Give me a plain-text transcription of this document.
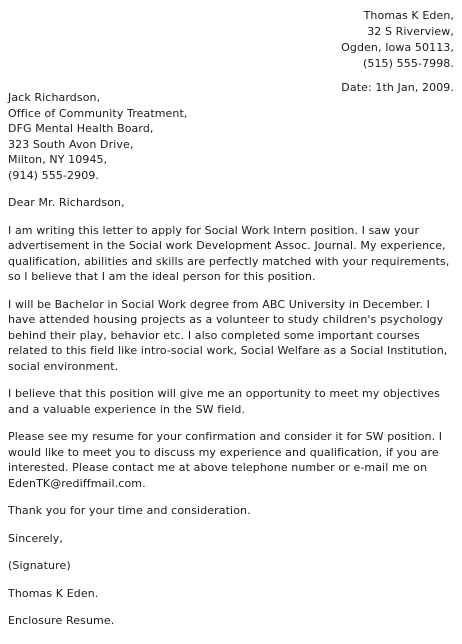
Thomas K Eden,
32 S Riverview,
Ogden, Iowa 50113,
(515) 555-7998.
Date: 1th Jan, 2009.
Jack Richardson,
Office of Community Treatment,
DFG Mental Health Board,
323 South Avon Drive,
Milton, NY 10945,
(914) 555-2909.
Dear Mr. Richardson,
I am writing this letter to apply for Social Work Intern position. I saw your
advertisement in the Social work Development Assoc. Journal. My experience,
qualification, abilities and skills are perfectly matched with your requirements,
so I believe that I am the ideal person for this position.
I will be Bachelor in Social Work degree from ABC University in December. I
have attended housing projects as a volunteer to study children's psychology
behind their play, behavior etc. I also completed some important courses
related to this field like intro-social work, Social Welfare as a Social Institution,
social environment.
I believe that this position will give me an opportunity to meet my objectives
and a valuable experience in the SW field.
Please see my resume for your confirmation and consider it for SW position. I
would like to meet you to discuss my experience and qualification, if you are
interested. Please contact me at above telephone number or e-mail me on
EdenTK@rediffmail.com.
Thank you for your time and consideration.
Sincerely,
(Signature)
Thomas K Eden.
Enclosure Resume.
